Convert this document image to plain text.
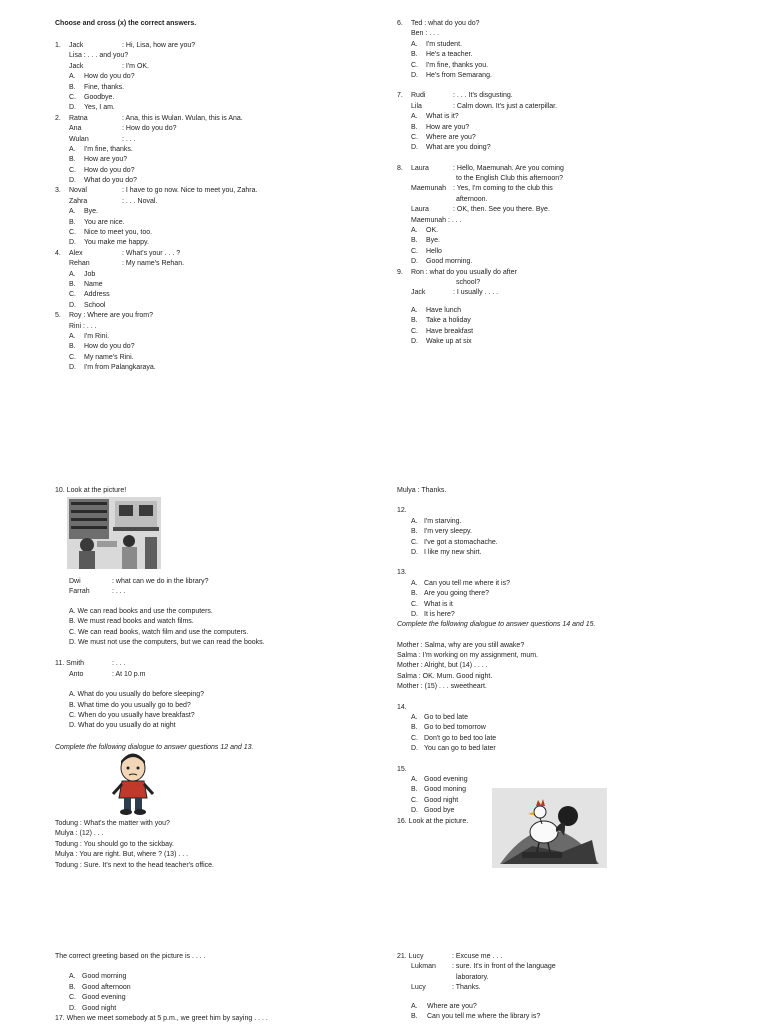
Choose and cross (x) the correct answers.
1. Jack	: Hi, Lisa, how are you?
Lisa : . . . and you?
Jack	: I'm OK.
A. How do you do?
B. Fine, thanks.
C. Goodbye.
D. Yes, I am.
2. Ratna	: Ana, this is Wulan. Wulan, this is Ana.
Ana	: How do you do?
Wulan	: . . .
A. I'm fine, thanks.
B. How are you?
C. How do you do?
D. What do you do?
3. Noval	: I have to go now. Nice to meet you, Zahra.
Zahra	: . . . Noval.
A. Bye.
B. You are nice.
C. Nice to meet you, too.
D. You make me happy.
4. Alex	: What's your . . . ?
Rehan	: My name's Rehan.
A. Job
B. Name
C. Address
D. School
5. Roy : Where are you from?
Rini : . . .
A. I'm Rini.
B. How do you do?
C. My name's Rini.
D. I'm from Palangkaraya.
6. Ted : what do you do?
Ben : . . .
A. I'm student.
B. He's a teacher.
C. I'm fine, thanks you.
D. He's from Semarang.
7. Rudi	: . . . It's disgusting.
Lila	: Calm down. It's just a caterpillar.
A. What is it?
B. How are you?
C. Where are you?
D. What are you doing?
8. Laura	: Hello, Maemunah. Are you coming
to the English Club this afternoon?
Maemunah : Yes, I'm coming to the club this
afternoon.
Laura	: OK, then. See you there. Bye.
Maemunah : . . .
A. OK.
B. Bye.
C. Hello
D. Good morning.
9. Ron : what do you usually do after
school?
Jack	: I usually . . . .
A. Have lunch
B. Take a holiday
C. Have breakfast
D. Wake up at six
10. Look at the picture!
Dwi	: what can we do in the library?
Farrah	: . . .
A. We can read books and use the computers.
B. We must read books and watch films.
C. We can read books, watch film and use the computers.
D. We must not use the computers, but we can read the books.
11. Smith	: . . .
Anto	: At 10 p.m
A. What do you usually do before sleeping?
B. What time do you usually go to bed?
C. When do you usually have breakfast?
D. What do you usually do at night
Complete the following dialogue to answer questions 12 and 13.
Todung : What's the matter with you?
Mulya : (12) . . .
Todung : You should go to the sickbay.
Mulya : You are right. But, where ? (13) . . .
Todung : Sure. It's next to the head teacher's office.
Mulya : Thanks.
12.
A. I'm starving.
B. I'm very sleepy.
C. I've got a stomachache.
D. I like my new shirt.
13.
A. Can you tell me where it is?
B. Are you going there?
C. What is it
D. It is here?
Complete the following dialogue to answer questions 14 and 15.
Mother : Salma, why are you still awake?
Salma : I'm working on my assignment, mum.
Mother : Alright, but (14) . . . .
Salma : OK. Mum. Good night.
Mother : (15) . . . sweetheart.
14.
A. Go to bed late
B. Go to bed tomorrow
C. Don't go to bed too late
D. You can go to bed later
15.
A. Good evening
B. Good moning
C. Good night
D. Good bye
16. Look at the picture.
The correct greeting based on the picture is . . . .
A. Good morning
B. Good afternoon
C. Good evening
D. Good night
17. When we meet somebody at 5 p.m., we greet him by saying . . . .
21. Lucy	: Excuse me . . .
Lukman : sure. It's in front of the language
laboratory.
Lucy	: Thanks.
A. Where are you?
B. Can you tell me where the library is?
